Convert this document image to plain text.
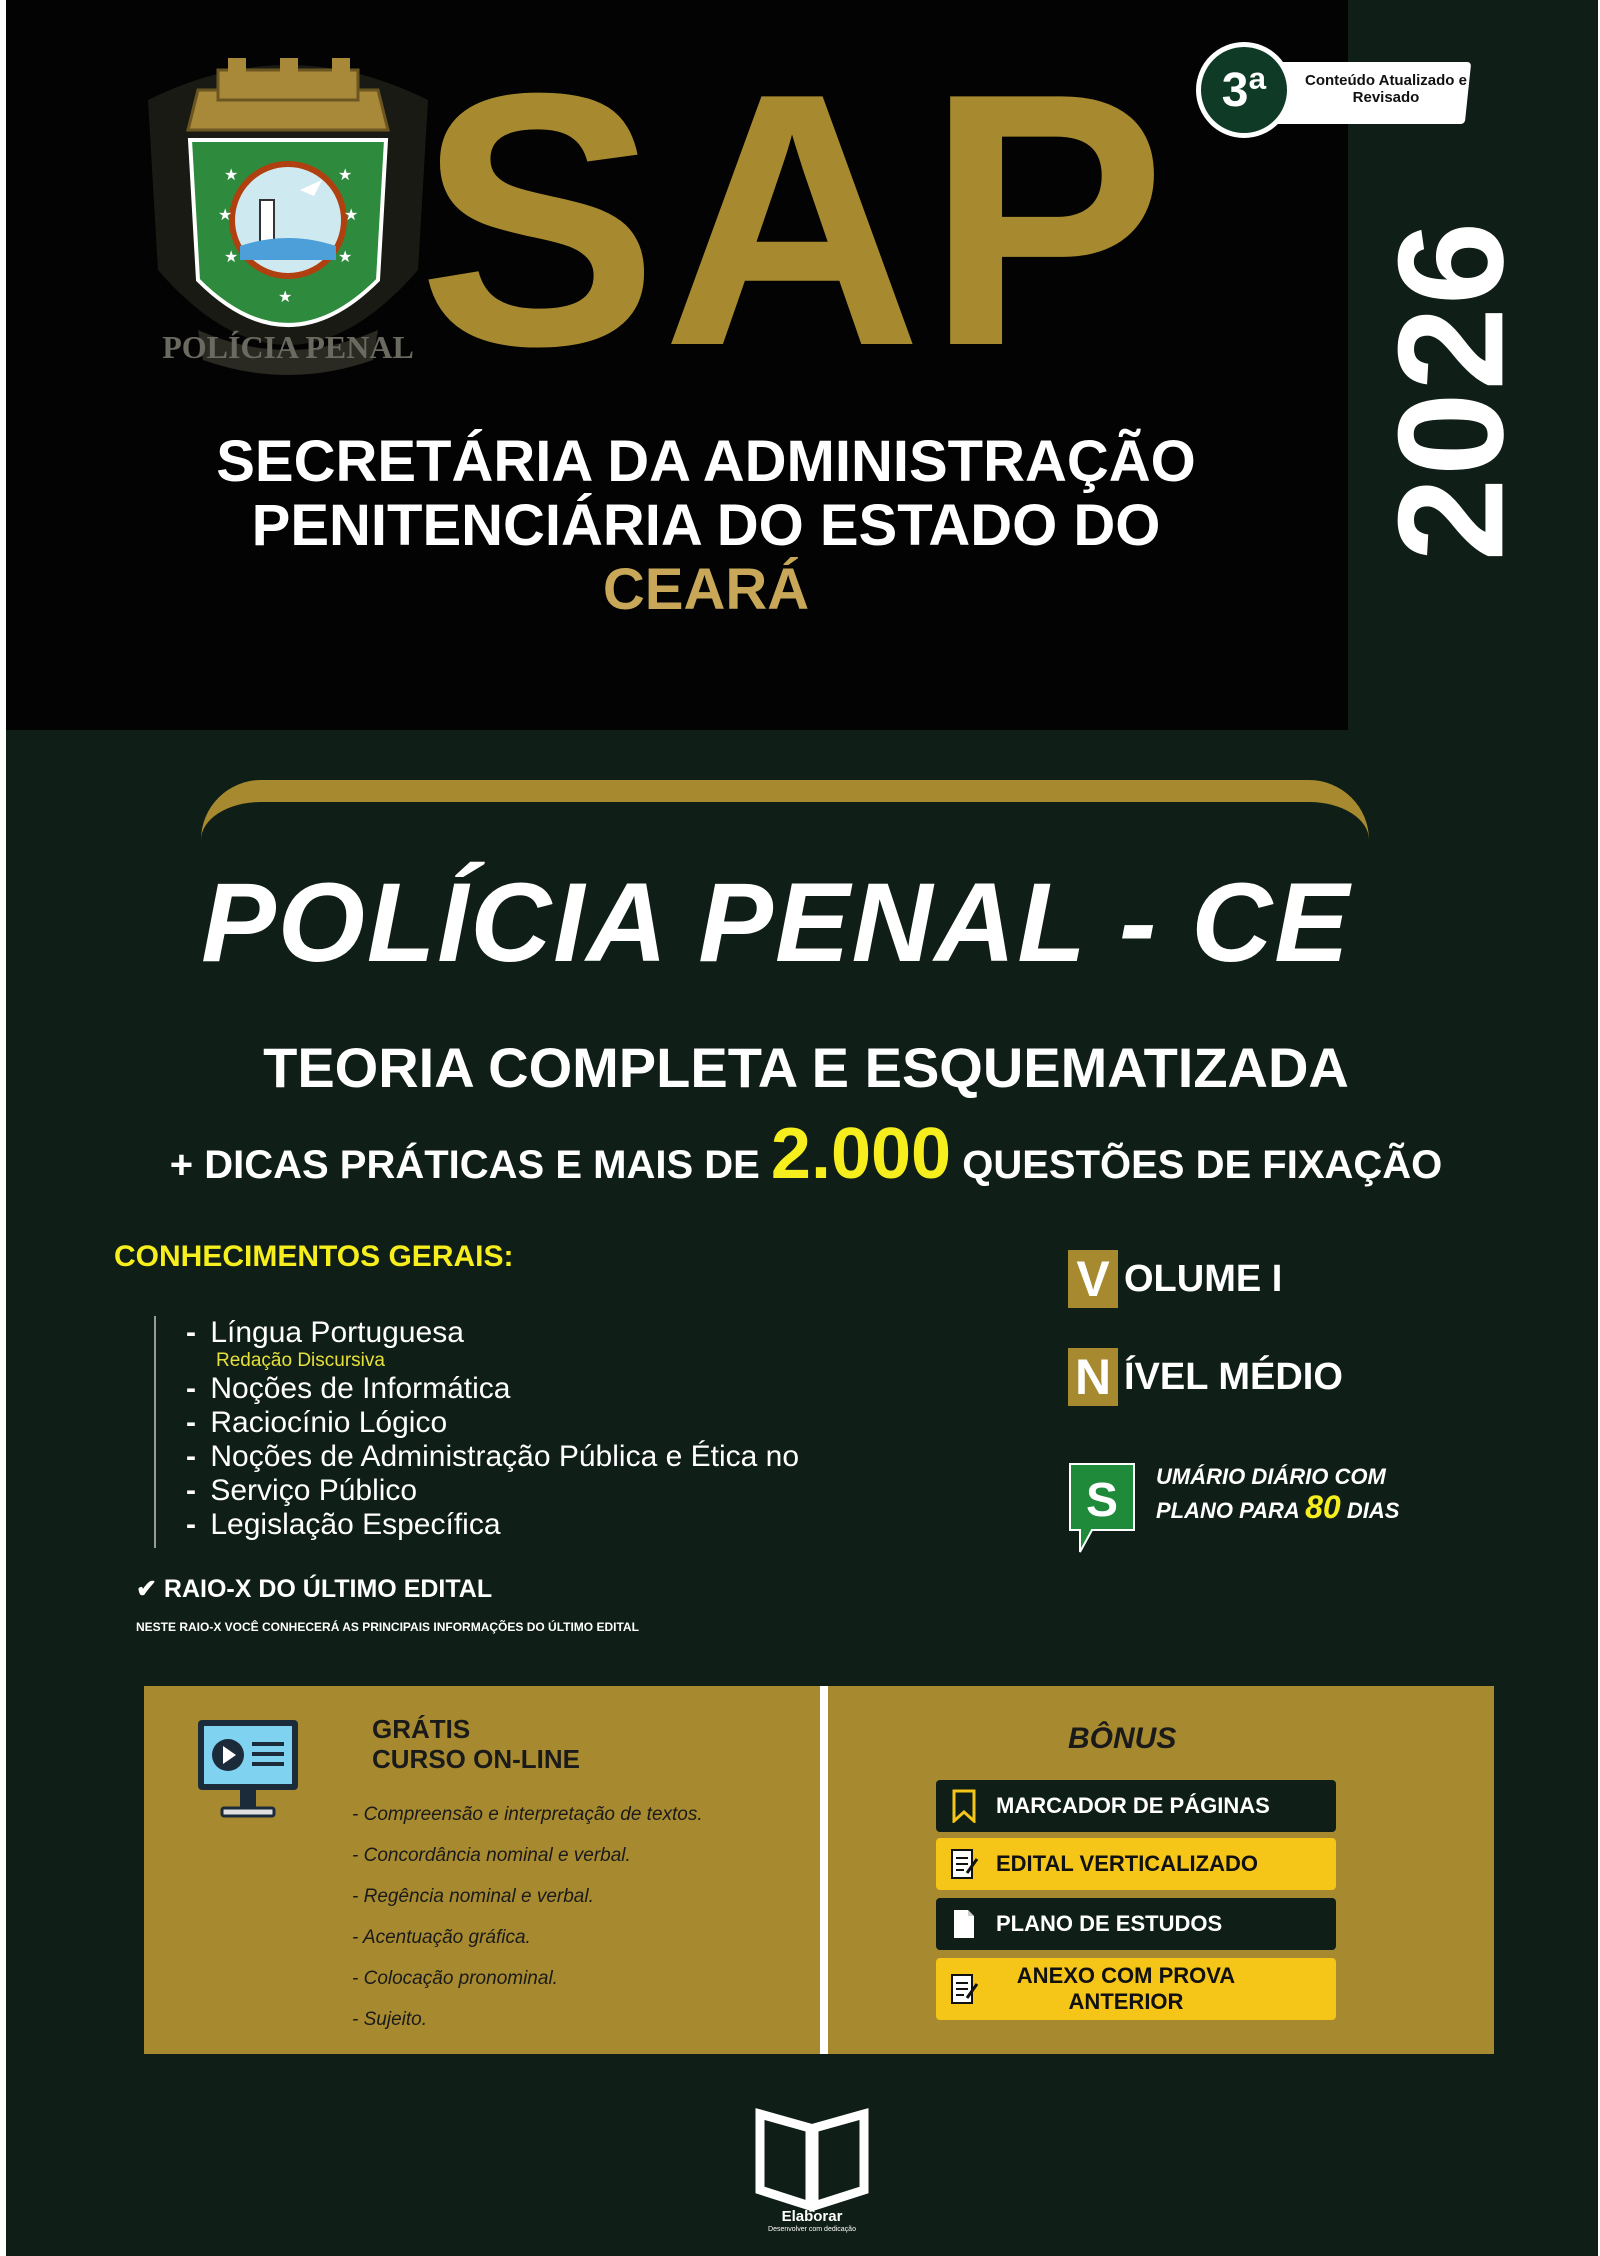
★
★
★
★
★
★
★
POLÍCIA PENAL SAP	3ª	Conteúdo Atualizado e Revisado
2026
SECRETÁRIA DA ADMINISTRAÇÃO
PENITENCIÁRIA DO ESTADO DO CEARÁ
POLÍCIA PENAL - CE
TEORIA COMPLETA E ESQUEMATIZADA
+ DICAS PRÁTICAS E MAIS DE 2.000 QUESTÕES DE FIXAÇÃO
CONHECIMENTOS GERAIS:
- Língua Portuguesa
Redação Discursiva
- Noções de Informática
- Raciocínio Lógico
- Noções de Administração Pública e Ética no
- Serviço Público
- Legislação Específica
V OLUME I
N ÍVEL MÉDIO
S UMÁRIO DIÁRIO COM
PLANO PARA 80 DIAS
✔ RAIO-X DO ÚLTIMO EDITAL
NESTE RAIO-X VOCÊ CONHECERÁ AS PRINCIPAIS INFORMAÇÕES DO ÚLTIMO EDITAL
GRÁTIS
CURSO ON-LINE
- Compreensão e interpretação de textos.
- Concordância nominal e verbal.
- Regência nominal e verbal.
- Acentuação gráfica.
- Colocação pronominal.
- Sujeito.
BÔNUS
MARCADOR DE PÁGINAS
EDITAL VERTICALIZADO
PLANO DE ESTUDOS
ANEXO COM PROVA
ANTERIOR
Editora
Elaborar
Desenvolver com dedicação
